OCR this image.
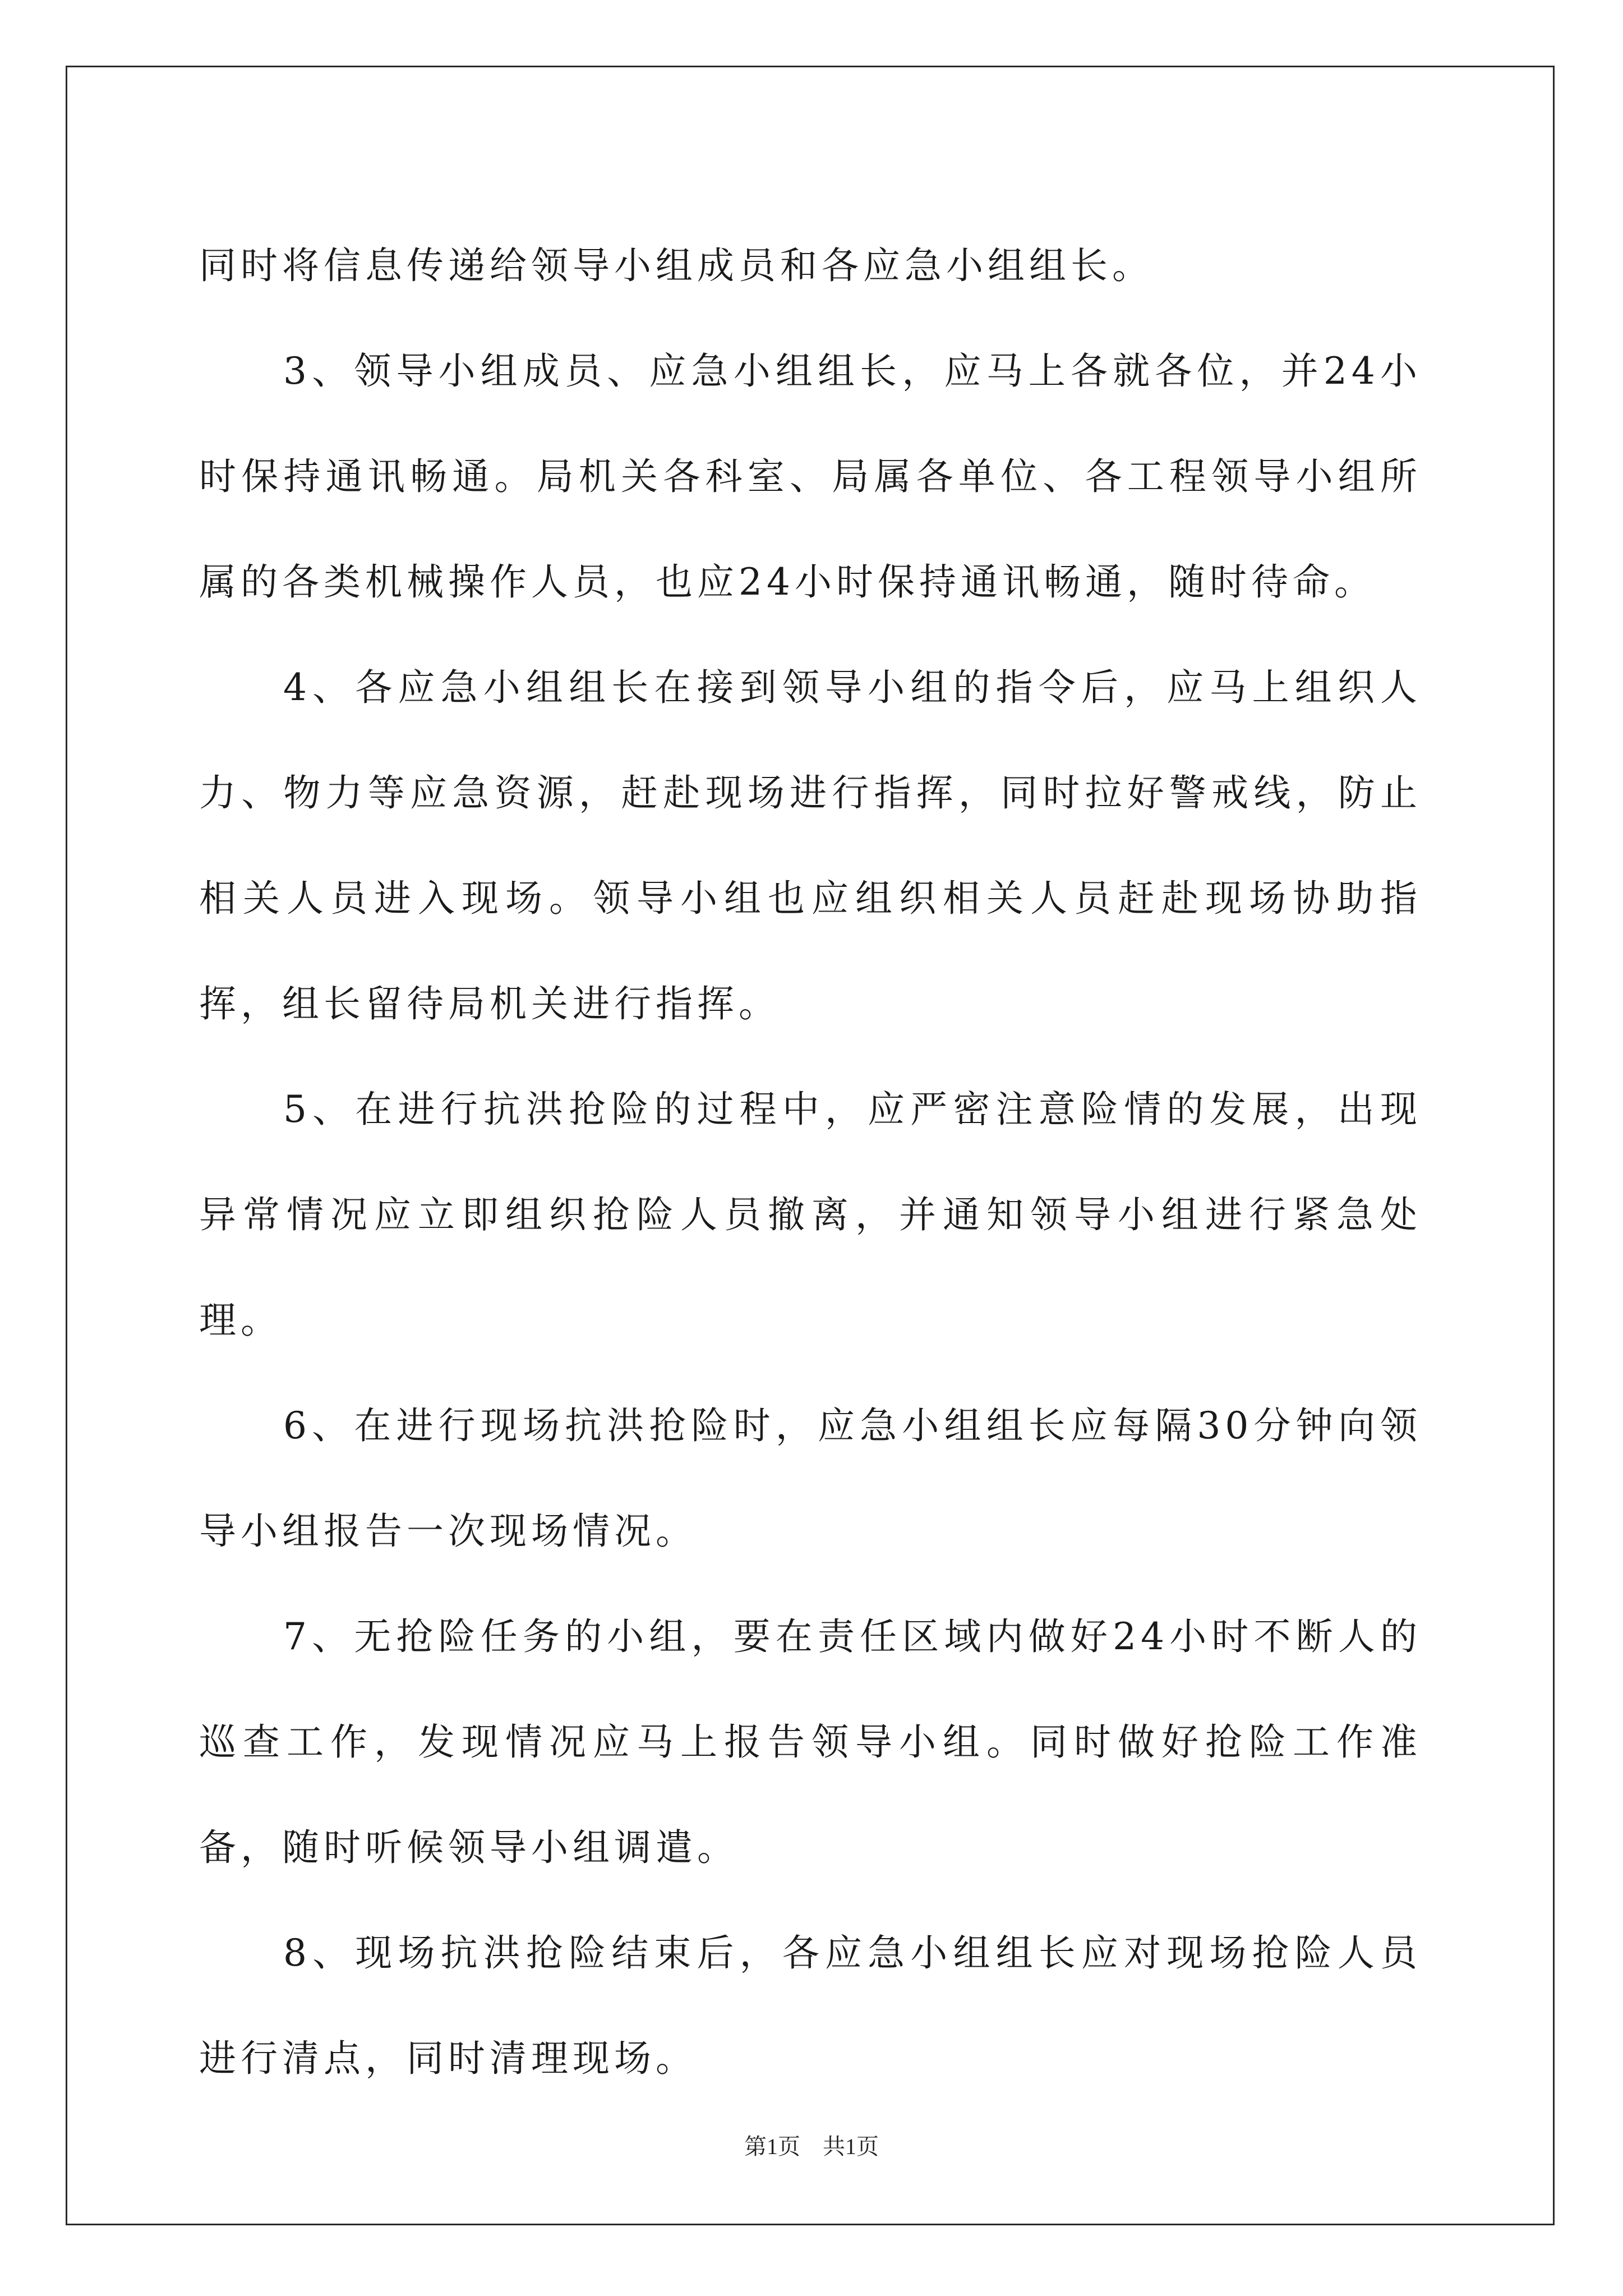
同时将信息传递给领导小组成员和各应急小组组长。

3、领导小组成员、应急小组组长，应马上各就各位，并24小时保持通讯畅通。局机关各科室、局属各单位、各工程领导小组所属的各类机械操作人员，也应24小时保持通讯畅通，随时待命。

4、各应急小组组长在接到领导小组的指令后，应马上组织人力、物力等应急资源，赶赴现场进行指挥，同时拉好警戒线，防止相关人员进入现场。领导小组也应组织相关人员赶赴现场协助指挥，组长留待局机关进行指挥。

5、在进行抗洪抢险的过程中，应严密注意险情的发展，出现异常情况应立即组织抢险人员撤离，并通知领导小组进行紧急处理。

6、在进行现场抗洪抢险时，应急小组组长应每隔30分钟向领导小组报告一次现场情况。

7、无抢险任务的小组，要在责任区域内做好24小时不断人的巡查工作，发现情况应马上报告领导小组。同时做好抢险工作准备，随时听候领导小组调遣。

8、现场抗洪抢险结束后，各应急小组组长应对现场抢险人员进行清点，同时清理现场。

第1页　共1页
